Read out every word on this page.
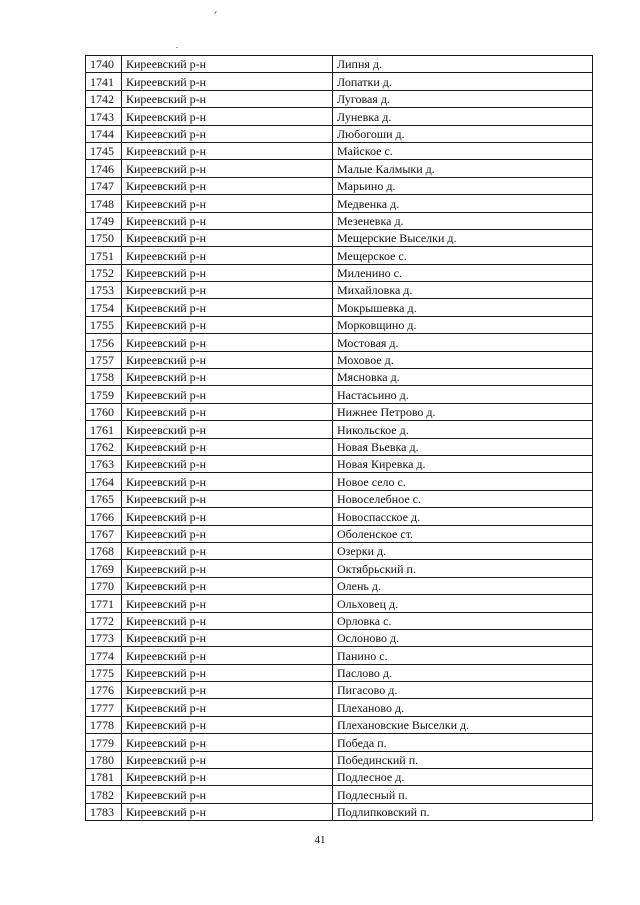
1740	Киреевский р-н	Липня д.
1741	Киреевский р-н	Лопатки д.
1742	Киреевский р-н	Луговая д.
1743	Киреевский р-н	Луневка д.
1744	Киреевский р-н	Любогоши д.
1745	Киреевский р-н	Майское с.
1746	Киреевский р-н	Малые Калмыки д.
1747	Киреевский р-н	Марьино д.
1748	Киреевский р-н	Медвенка д.
1749	Киреевский р-н	Мезеневка д.
1750	Киреевский р-н	Мещерские Выселки д.
1751	Киреевский р-н	Мещерское с.
1752	Киреевский р-н	Миленино с.
1753	Киреевский р-н	Михайловка д.
1754	Киреевский р-н	Мокрышевка д.
1755	Киреевский р-н	Морковщино д.
1756	Киреевский р-н	Мостовая д.
1757	Киреевский р-н	Моховое д.
1758	Киреевский р-н	Мясновка д.
1759	Киреевский р-н	Настасьино д.
1760	Киреевский р-н	Нижнее Петрово д.
1761	Киреевский р-н	Никольское д.
1762	Киреевский р-н	Новая Вьевка д.
1763	Киреевский р-н	Новая Киревка д.
1764	Киреевский р-н	Новое село с.
1765	Киреевский р-н	Новоселебное с.
1766	Киреевский р-н	Новоспасское д.
1767	Киреевский р-н	Оболенское ст.
1768	Киреевский р-н	Озерки д.
1769	Киреевский р-н	Октябрьский п.
1770	Киреевский р-н	Олень д.
1771	Киреевский р-н	Ольховец д.
1772	Киреевский р-н	Орловка с.
1773	Киреевский р-н	Ослоново д.
1774	Киреевский р-н	Панино с.
1775	Киреевский р-н	Паслово д.
1776	Киреевский р-н	Пигасово д.
1777	Киреевский р-н	Плеханово д.
1778	Киреевский р-н	Плехановские Выселки д.
1779	Киреевский р-н	Победа п.
1780	Киреевский р-н	Побединский п.
1781	Киреевский р-н	Подлесное д.
1782	Киреевский р-н	Подлесный п.
1783	Киреевский р-н	Подлипковский п.
41
